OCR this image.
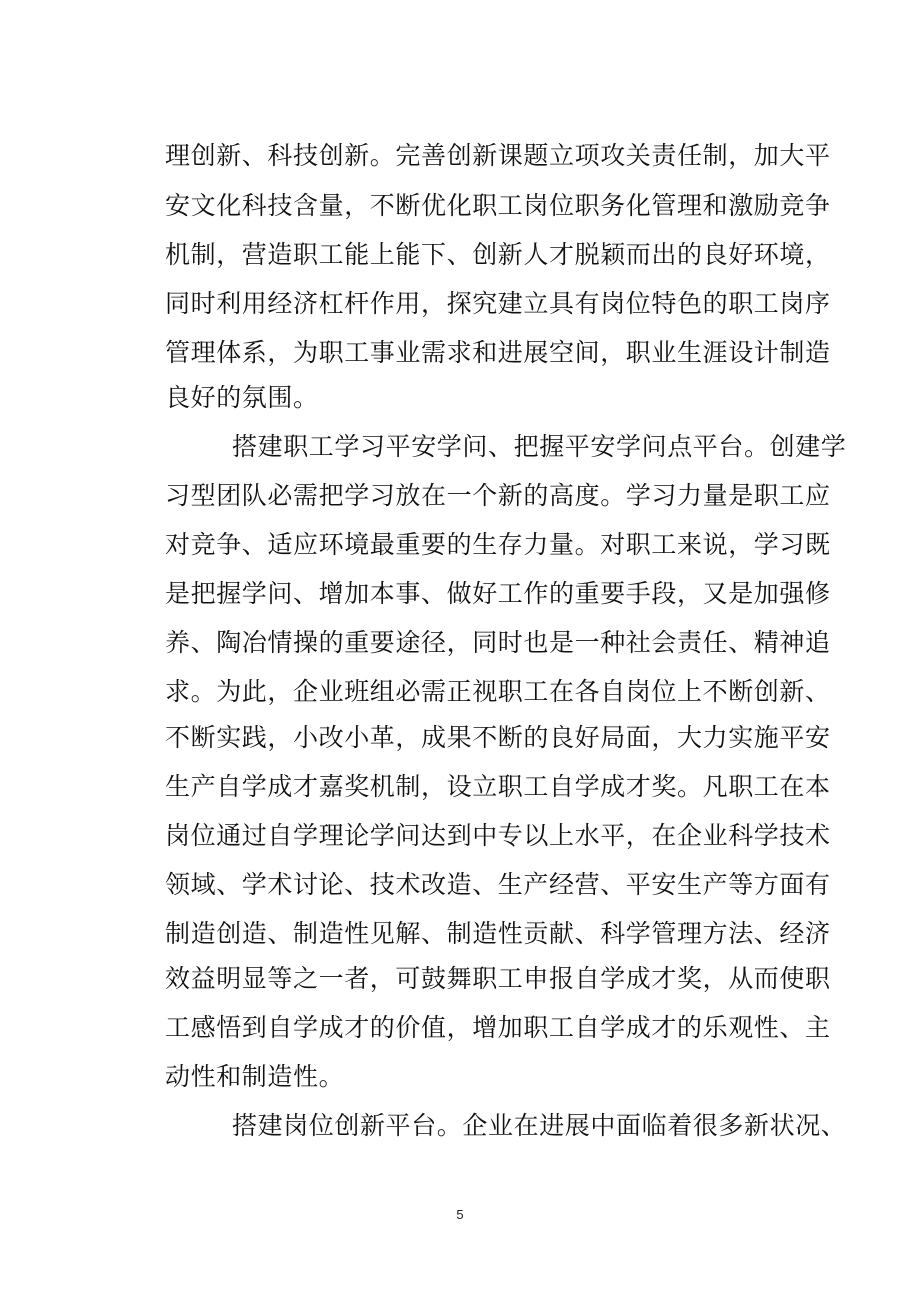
理创新、科技创新。完善创新课题立项攻关责任制，加大平
安文化科技含量，不断优化职工岗位职务化管理和激励竞争
机制，营造职工能上能下、创新人才脱颖而出的良好环境，
同时利用经济杠杆作用，探究建立具有岗位特色的职工岗序
管理体系，为职工事业需求和进展空间，职业生涯设计制造
良好的氛围。
搭建职工学习平安学问、把握平安学问点平台。创建学
习型团队必需把学习放在一个新的高度。学习力量是职工应
对竞争、适应环境最重要的生存力量。对职工来说，学习既
是把握学问、增加本事、做好工作的重要手段，又是加强修
养、陶冶情操的重要途径，同时也是一种社会责任、精神追
求。为此，企业班组必需正视职工在各自岗位上不断创新、
不断实践，小改小革，成果不断的良好局面，大力实施平安
生产自学成才嘉奖机制，设立职工自学成才奖。凡职工在本
岗位通过自学理论学问达到中专以上水平，在企业科学技术
领域、学术讨论、技术改造、生产经营、平安生产等方面有
制造创造、制造性见解、制造性贡献、科学管理方法、经济
效益明显等之一者，可鼓舞职工申报自学成才奖，从而使职
工感悟到自学成才的价值，增加职工自学成才的乐观性、主
动性和制造性。
搭建岗位创新平台。企业在进展中面临着很多新状况、
5
